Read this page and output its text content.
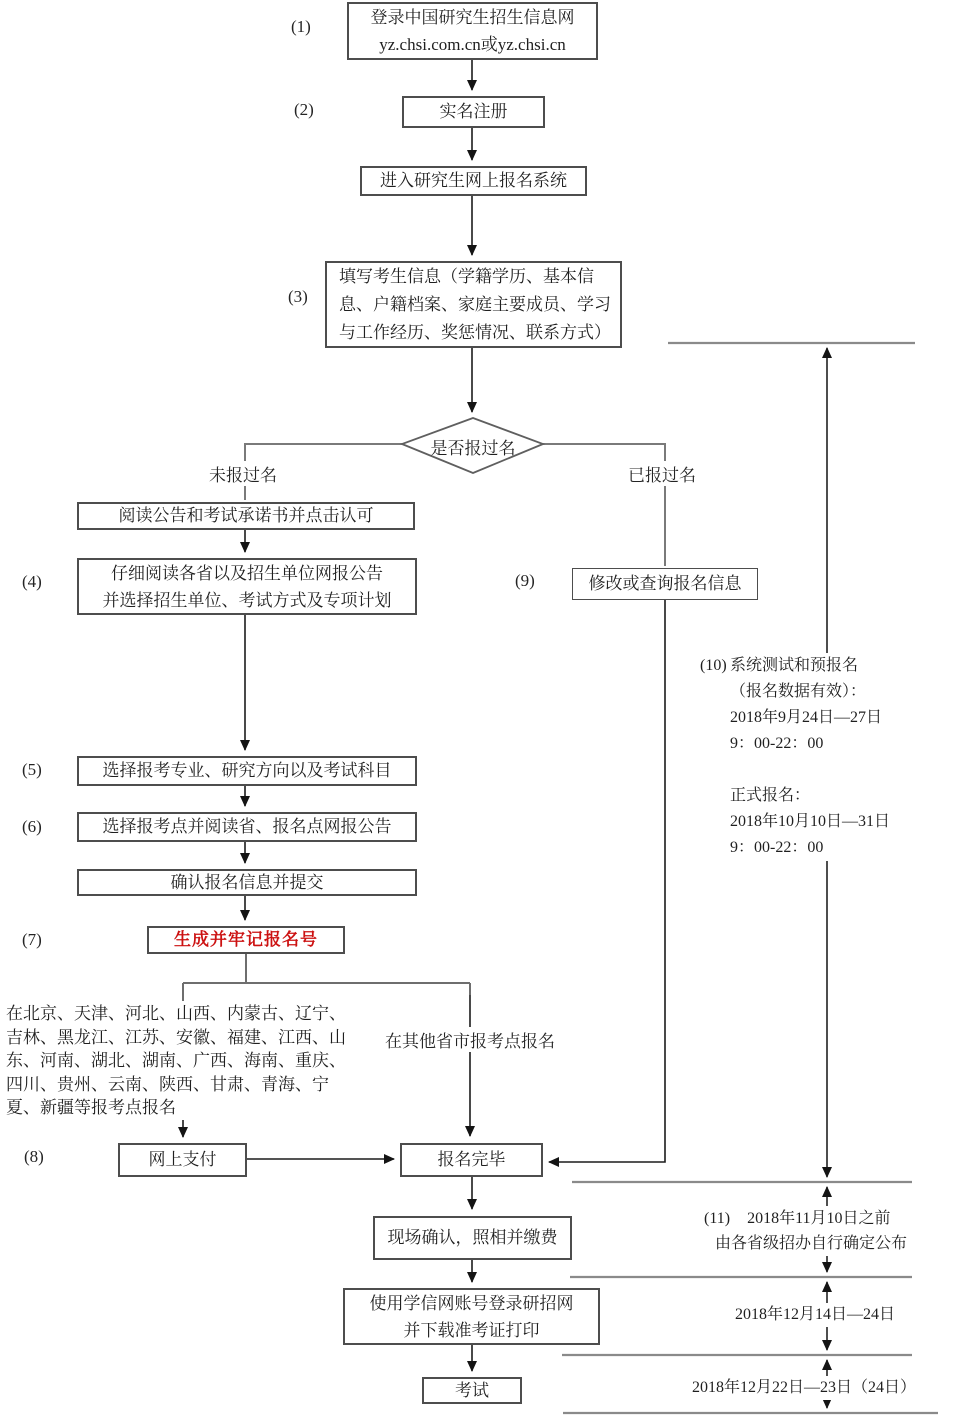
(1)
(2)
(3)
(4)
(5)
(6)
(7)
(8)
(9)
登录中国研究生招生信息网
yz.chsi.com.cn或yz.chsi.cn
实名注册
进入研究生网上报名系统
填写考生信息（学籍学历、基本信
息、户籍档案、家庭主要成员、学习
与工作经历、奖惩情况、联系方式）
是否报过名
未报过名	已报过名
阅读公告和考试承诺书并点击认可
仔细阅读各省以及招生单位网报公告
并选择招生单位、考试方式及专项计划
选择报考专业、研究方向以及考试科目
选择报考点并阅读省、报名点网报公告
确认报名信息并提交
生成并牢记报名号
在北京、天津、河北、山西、内蒙古、辽宁、
吉林、黑龙江、江苏、安徽、福建、江西、山
东、河南、湖北、湖南、广西、海南、重庆、
四川、贵州、云南、陕西、甘肃、青海、宁
夏、新疆等报考点报名
在其他省市报考点报名
网上支付	报名完毕
修改或查询报名信息
现场确认，照相并缴费
使用学信网账号登录研招网
并下载准考证打印
考试
(10) 系统测试和预报名
（报名数据有效）：
2018年9月24日—27日
9：00-22：00
正式报名：
2018年10月10日—31日
9：00-22：00
(11) 2018年11月10日之前
由各省级招办自行确定公布
2018年12月14日—24日
2018年12月22日—23日（24日）
